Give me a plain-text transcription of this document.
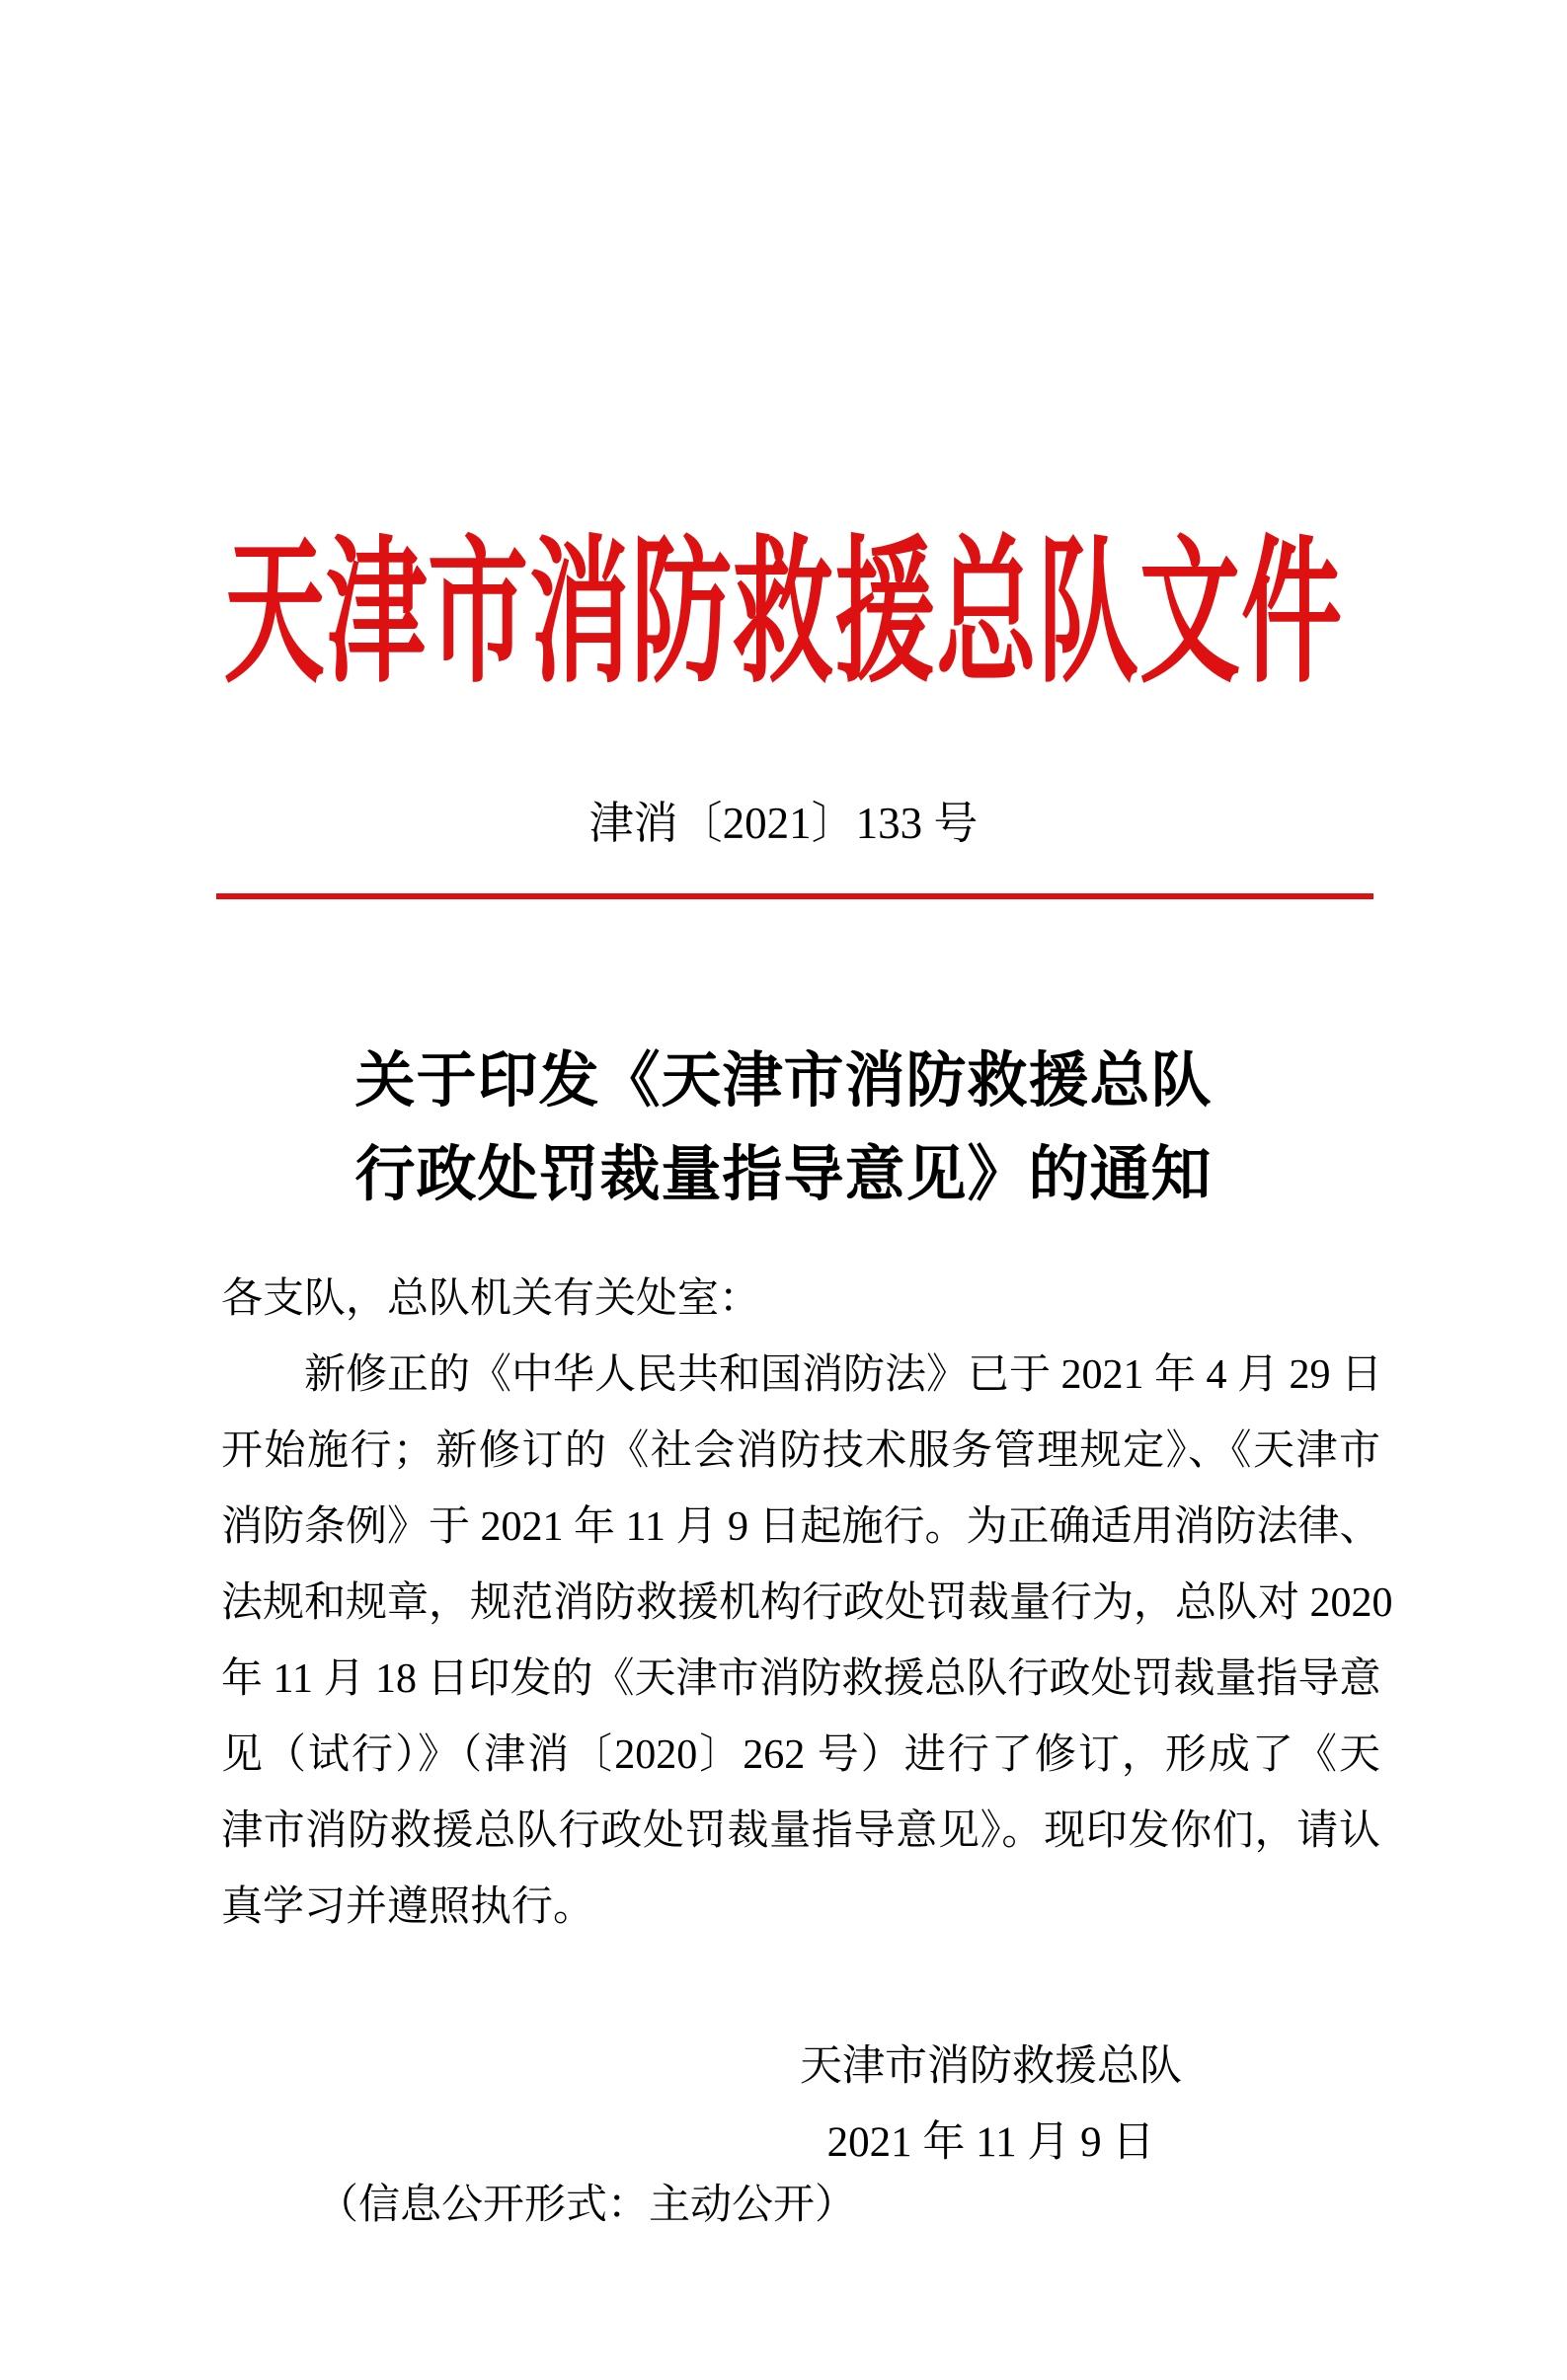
天津市消防救援总队文件
津消〔2021〕133 号
关于印发《天津市消防救援总队
行政处罚裁量指导意见》的通知
各支队，总队机关有关处室：
新修正的《中华人民共和国消防法》已于 2021 年 4 月 29 日
开始施行；新修订的《社会消防技术服务管理规定》、《天津市
消防条例》于 2021 年 11 月 9 日起施行。为正确适用消防法律、
法规和规章，规范消防救援机构行政处罚裁量行为，总队对 2020
年 11 月 18 日印发的《天津市消防救援总队行政处罚裁量指导意
见（试行）》（津消〔2020〕262 号）进行了修订，形成了《天
津市消防救援总队行政处罚裁量指导意见》。现印发你们，请认
真学习并遵照执行。
天津市消防救援总队
2021 年 11 月 9 日
（信息公开形式：主动公开）
